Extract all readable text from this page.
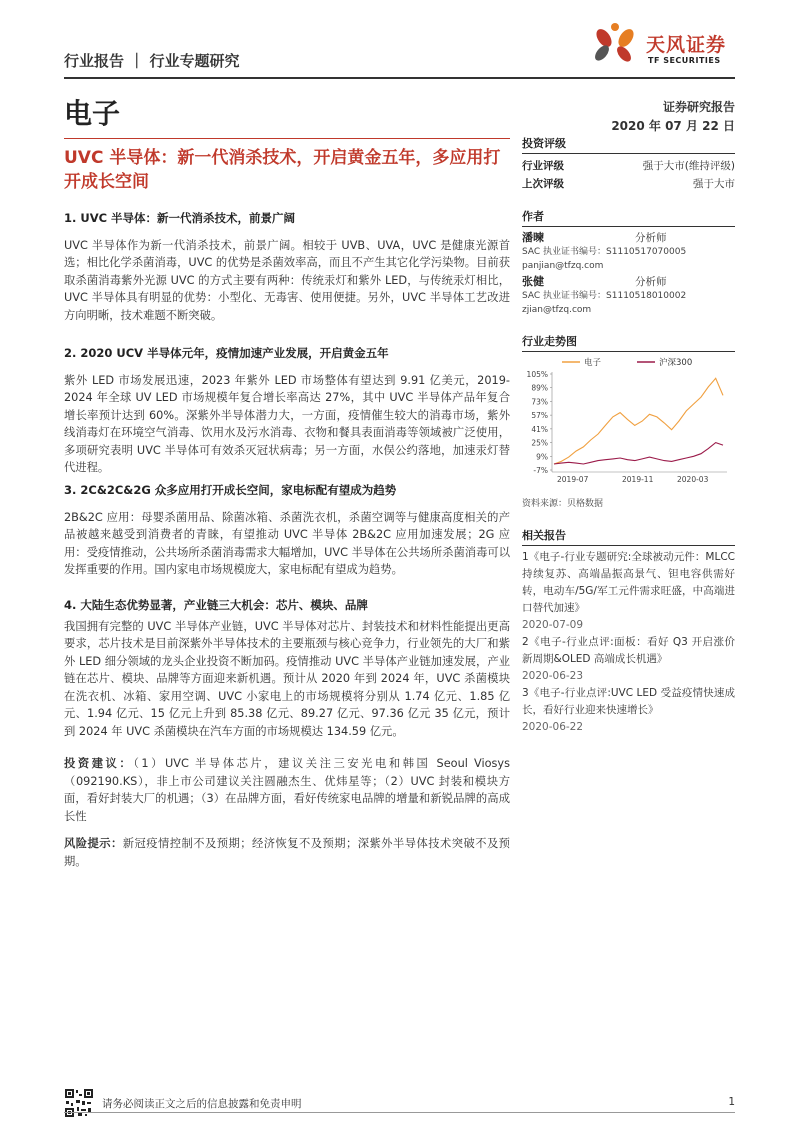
行业报告 ｜ 行业专题研究
天风证券
TF SECURITIES
电子	证券研究报告
2020 年 07 月 22 日
UVC 半导体：新一代消杀技术，开启黄金五年，多应用打开成长空间
1. UVC 半导体：新一代消杀技术，前景广阔
UVC 半导体作为新一代消杀技术，前景广阔。相较于 UVB、UVA，UVC 是健康光源首选；相比化学杀菌消毒，UVC 的优势是杀菌效率高，而且不产生其它化学污染物。目前获取杀菌消毒紫外光源 UVC 的方式主要有两种：传统汞灯和紫外 LED，与传统汞灯相比，UVC 半导体具有明显的优势：小型化、无毒害、使用便捷。另外，UVC 半导体工艺改进方向明晰，技术难题不断突破。
2. 2020 UCV 半导体元年，疫情加速产业发展，开启黄金五年
紫外 LED 市场发展迅速，2023 年紫外 LED 市场整体有望达到 9.91 亿美元，2019-2024 年全球 UV LED 市场规模年复合增长率高达 27%，其中 UVC 半导体产品年复合增长率预计达到 60%。深紫外半导体潜力大，一方面，疫情催生较大的消毒市场，紫外线消毒灯在环境空气消毒、饮用水及污水消毒、衣物和餐具表面消毒等领域被广泛使用，多项研究表明 UVC 半导体可有效杀灭冠状病毒；另一方面，水俣公约落地，加速汞灯替代进程。
3. 2C&2C&2G 众多应用打开成长空间，家电标配有望成为趋势
2B&2C 应用：母婴杀菌用品、除菌冰箱、杀菌洗衣机，杀菌空调等与健康高度相关的产品被越来越受到消费者的青睐，有望推动 UVC 半导体 2B&2C 应用加速发展；2G 应用：受疫情推动，公共场所杀菌消毒需求大幅增加，UVC 半导体在公共场所杀菌消毒可以发挥重要的作用。国内家电市场规模庞大，家电标配有望成为趋势。
4. 大陆生态优势显著，产业链三大机会：芯片、模块、品牌
我国拥有完整的 UVC 半导体产业链，UVC 半导体对芯片、封装技术和材料性能提出更高要求，芯片技术是目前深紫外半导体技术的主要瓶颈与核心竞争力，行业领先的大厂和紫外 LED 细分领域的龙头企业投资不断加码。疫情推动 UVC 半导体产业链加速发展，产业链在芯片、模块、品牌等方面迎来新机遇。预计从 2020 年到 2024 年，UVC 杀菌模块在洗衣机、冰箱、家用空调、UVC 小家电上的市场规模将分别从 1.74 亿元、1.85 亿元、1.94 亿元、15 亿元上升到 85.38 亿元、89.27 亿元、97.36 亿元 35 亿元，预计到 2024 年 UVC 杀菌模块在汽车方面的市场规模达 134.59 亿元。
投资建议：（1）UVC 半导体芯片，建议关注三安光电和韩国 Seoul Viosys（092190.KS），非上市公司建议关注圆融杰生、优炜星等；（2）UVC 封装和模块方面，看好封装大厂的机遇；（3）在品牌方面，看好传统家电品牌的增量和新锐品牌的高成长性
风险提示：新冠疫情控制不及预期；经济恢复不及预期；深紫外半导体技术突破不及预期。
投资评级
行业评级	强于大市(维持评级)
上次评级	强于大市
作者
潘暕	分析师
SAC 执业证书编号：S1110517070005
panjian@tfzq.com
张健	分析师
SAC 执业证书编号：S1110518010002
zjian@tfzq.com
行业走势图
电子	沪深300
105%
89%
73%
57%
41%
25%
9%
-7%
2019-07	2019-11	2020-03
资料来源：贝格数据
相关报告
1《电子-行业专题研究:全球被动元件：MLCC 持续复苏、高端晶振高景气、钽电容供需好转，电动车/5G/军工元件需求旺盛，中高端进口替代加速》
2020-07-09
2《电子-行业点评:面板：看好 Q3 开启涨价新周期&OLED 高端成长机遇》
2020-06-23
3《电子-行业点评:UVC LED 受益疫情快速成长，看好行业迎来快速增长》
2020-06-22
请务必阅读正文之后的信息披露和免责申明	1
